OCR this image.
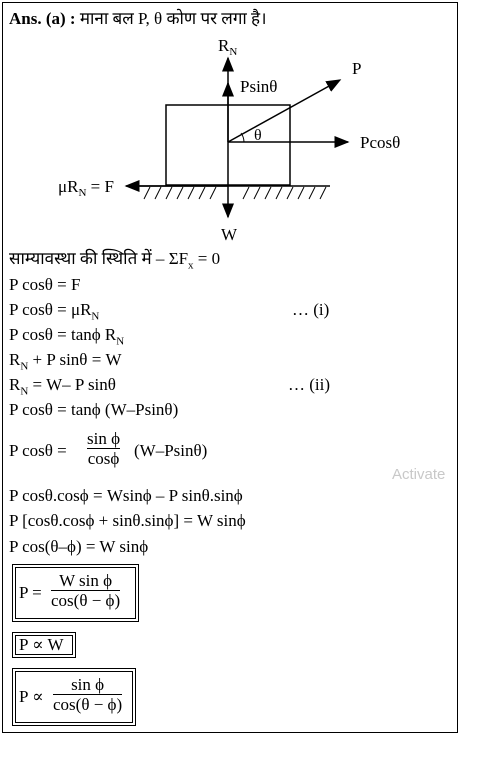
Ans. (a) : माना बल P, θ कोण पर लगा है।
$R_N$
Psinθ
P
θ	Pcosθ
$\mu R_N = F$
W
साम्यावस्था की स्थिति में – $\Sigma F_x = 0$
P cosθ = F
P $\cos\theta = \mu R_N$	… (i)
P cosθ = tanϕ $R_N$
$R_N + P$ sinθ = W
$R_N = W-$ P sinθ	… (ii)
P cosθ = tanϕ (W–Psinθ)
P cosθ =
sin ϕ
cosϕ (W–Psinθ)
Activate
P cosθ.cosϕ = Wsinϕ – P sinθ.sinϕ
P [cosθ.cosϕ + sinθ.sinϕ] = W sinϕ
P cos(θ–ϕ) = W sinϕ
P =
W sin ϕ
cos(θ − ϕ)
P ∝ W
P ∝
sin ϕ
cos(θ − ϕ)
